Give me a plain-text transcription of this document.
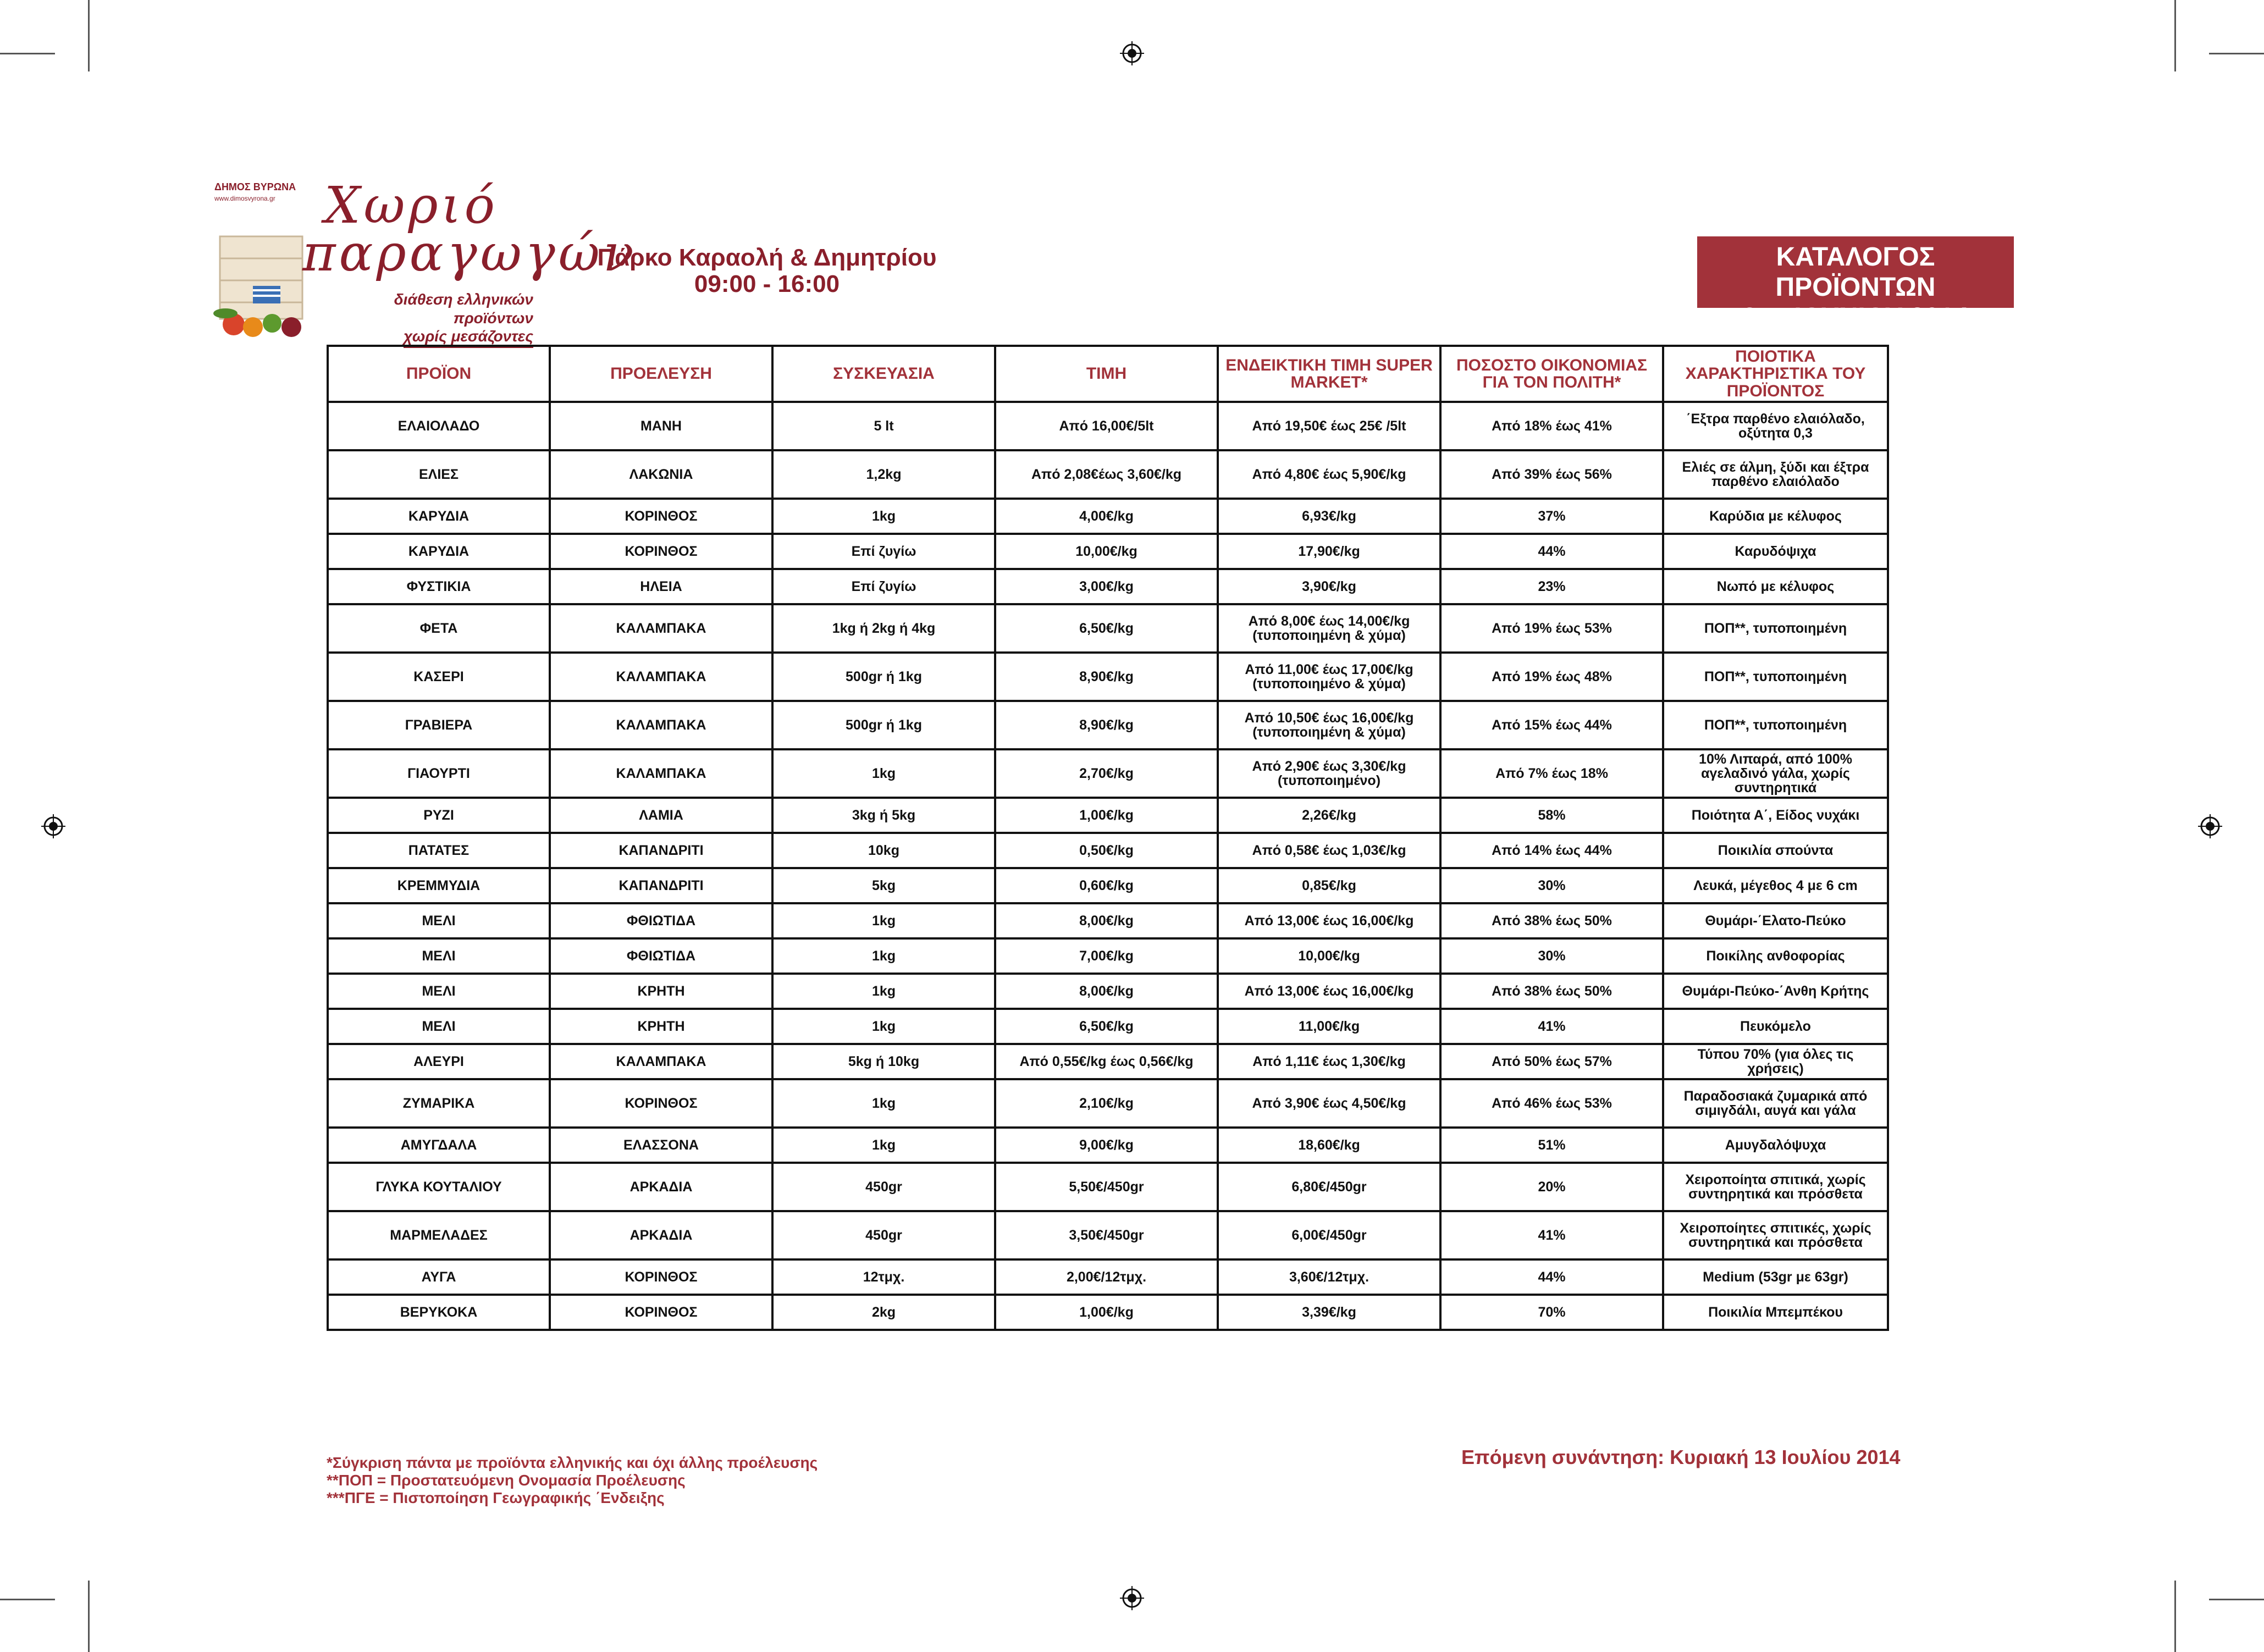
ΔΗΜΟΣ ΒΥΡΩΝΑ
www.dimosvyrona.gr Χωριό
παραγωγών
διάθεση ελληνικών προϊόντων
χωρίς μεσάζοντες
Πάρκο Καραολή & Δημητρίου
09:00 - 16:00
ΚΑΤΑΛΟΓΟΣ ΠΡΟΪΟΝΤΩΝ
8ης ΙΟΥΝΙΟΥ 2014
ΠΡΟΪΟΝ	ΠΡΟΕΛΕΥΣΗ	ΣΥΣΚΕΥΑΣΙΑ	ΤΙΜΗ	ΕΝΔΕΙΚΤΙΚΗ ΤΙΜΗ SUPER MARKET*	ΠΟΣΟΣΤΟ ΟΙΚΟΝΟΜΙΑΣ ΓΙΑ ΤΟΝ ΠΟΛΙΤΗ*	ΠΟΙΟΤΙΚΑ ΧΑΡΑΚΤΗΡΙΣΤΙΚΑ ΤΟΥ ΠΡΟΪΟΝΤΟΣ
ΕΛΑΙΟΛΑΔΟ	ΜΑΝΗ	5 lt	Από 16,00€/5lt	Από 19,50€ έως 25€ /5lt	Από 18% έως 41%	΄Εξτρα παρθένο ελαιόλαδο, οξύτητα 0,3
ΕΛΙΕΣ	ΛΑΚΩΝΙΑ	1,2kg	Από 2,08€έως 3,60€/kg	Από 4,80€ έως 5,90€/kg	Από 39% έως 56%	Ελιές σε άλμη, ξύδι και έξτρα παρθένο ελαιόλαδο
ΚΑΡΥΔΙΑ	ΚΟΡΙΝΘΟΣ	1kg	4,00€/kg	6,93€/kg	37%	Καρύδια με κέλυφος
ΚΑΡΥΔΙΑ	ΚΟΡΙΝΘΟΣ	Επί ζυγίω	10,00€/kg	17,90€/kg	44%	Καρυδόψιχα
ΦΥΣΤΙΚΙΑ	ΗΛΕΙΑ	Επί ζυγίω	3,00€/kg	3,90€/kg	23%	Νωπό με κέλυφος
ΦΕΤΑ	ΚΑΛΑΜΠΑΚΑ	1kg ή 2kg ή 4kg	6,50€/kg	Από 8,00€ έως 14,00€/kg (τυποποιημένη & χύμα)	Από 19% έως 53%	ΠΟΠ**, τυποποιημένη
ΚΑΣΕΡΙ	ΚΑΛΑΜΠΑΚΑ	500gr ή 1kg	8,90€/kg	Από 11,00€ έως 17,00€/kg (τυποποιημένο & χύμα)	Από 19% έως 48%	ΠΟΠ**, τυποποιημένη
ΓΡΑΒΙΕΡΑ	ΚΑΛΑΜΠΑΚΑ	500gr ή 1kg	8,90€/kg	Από 10,50€ έως 16,00€/kg (τυποποιημένη & χύμα)	Από 15% έως 44%	ΠΟΠ**, τυποποιημένη
ΓΙΑΟΥΡΤΙ	ΚΑΛΑΜΠΑΚΑ	1kg	2,70€/kg	Από 2,90€ έως 3,30€/kg (τυποποιημένο)	Από 7% έως 18%	10% Λιπαρά, από 100% αγελαδινό γάλα, χωρίς συντηρητικά
ΡΥΖΙ	ΛΑΜΙΑ	3kg ή 5kg	1,00€/kg	2,26€/kg	58%	Ποιότητα Α΄, Είδος νυχάκι
ΠΑΤΑΤΕΣ	ΚΑΠΑΝΔΡΙΤΙ	10kg	0,50€/kg	Από 0,58€ έως 1,03€/kg	Από 14% έως 44%	Ποικιλία σπούντα
ΚΡΕΜΜΥΔΙΑ	ΚΑΠΑΝΔΡΙΤΙ	5kg	0,60€/kg	0,85€/kg	30%	Λευκά, μέγεθος 4 με 6 cm
ΜΕΛΙ	ΦΘΙΩΤΙΔΑ	1kg	8,00€/kg	Από 13,00€ έως 16,00€/kg	Από 38% έως 50%	Θυμάρι-΄Ελατο-Πεύκο
ΜΕΛΙ	ΦΘΙΩΤΙΔΑ	1kg	7,00€/kg	10,00€/kg	30%	Ποικίλης ανθοφορίας
ΜΕΛΙ	ΚΡΗΤΗ	1kg	8,00€/kg	Από 13,00€ έως 16,00€/kg	Από 38% έως 50%	Θυμάρι-Πεύκο-΄Ανθη Κρήτης
ΜΕΛΙ	ΚΡΗΤΗ	1kg	6,50€/kg	11,00€/kg	41%	Πευκόμελο
ΑΛΕΥΡΙ	ΚΑΛΑΜΠΑΚΑ	5kg ή 10kg	Από 0,55€/kg έως 0,56€/kg	Από 1,11€ έως 1,30€/kg	Από 50% έως 57%	Τύπου 70% (για όλες τις χρήσεις)
ΖΥΜΑΡΙΚΑ	ΚΟΡΙΝΘΟΣ	1kg	2,10€/kg	Από 3,90€ έως 4,50€/kg	Από 46% έως 53%	Παραδοσιακά ζυμαρικά από σιμιγδάλι, αυγά και γάλα
ΑΜΥΓΔΑΛΑ	ΕΛΑΣΣΟΝΑ	1kg	9,00€/kg	18,60€/kg	51%	Αμυγδαλόψυχα
ΓΛΥΚΑ ΚΟΥΤΑΛΙΟΥ	ΑΡΚΑΔΙΑ	450gr	5,50€/450gr	6,80€/450gr	20%	Χειροποίητα σπιτικά, χωρίς συντηρητικά και πρόσθετα
ΜΑΡΜΕΛΑΔΕΣ	ΑΡΚΑΔΙΑ	450gr	3,50€/450gr	6,00€/450gr	41%	Χειροποίητες σπιτικές, χωρίς συντηρητικά και πρόσθετα
ΑΥΓΑ	ΚΟΡΙΝΘΟΣ	12τμχ.	2,00€/12τμχ.	3,60€/12τμχ.	44%	Medium (53gr με 63gr)
ΒΕΡΥΚΟΚΑ	ΚΟΡΙΝΘΟΣ	2kg	1,00€/kg	3,39€/kg	70%	Ποικιλία Μπεμπέκου
*Σύγκριση πάντα με προϊόντα ελληνικής και όχι άλλης προέλευσης
**ΠΟΠ = Προστατευόμενη Ονομασία Προέλευσης
***ΠΓΕ = Πιστοποίηση Γεωγραφικής ΄Ενδειξης
Επόμενη συνάντηση: Κυριακή 13 Ιουλίου 2014
